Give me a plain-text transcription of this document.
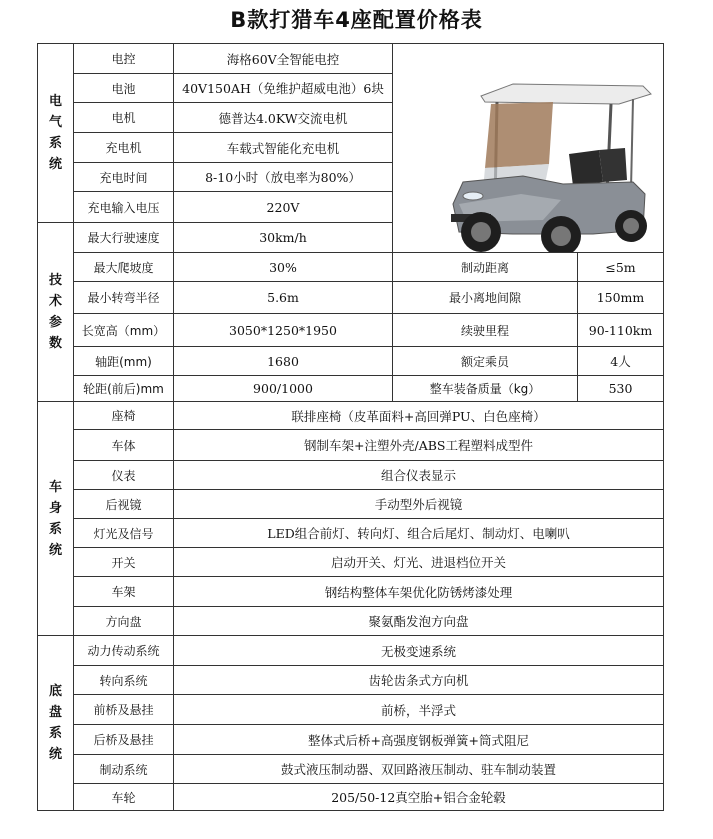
B款打猎车4座配置价格表
电气系统	电控	海格60V全智能电控	

	电池	40V150AH（免维护超威电池）6块		
	电机	德普达4.0KW交流电机		
	充电机	车载式智能化充电机		
	充电时间	8-10小时（放电率为80%）		
	充电输入电压	220V		
技术参数	最大行驶速度	30km/h		
	最大爬坡度	30%	制动距离	≤5m
	最小转弯半径	5.6m	最小离地间隙	150mm
	长宽高（mm）	3050*1250*1950	续驶里程	90-110km
	轴距(mm)	1680	额定乘员	4人
	轮距(前后)mm	900/1000	整车装备质量（kg）	530
车身系统	座椅	联排座椅（皮革面料+高回弹PU、白色座椅）		
	车体	钢制车架+注塑外壳/ABS工程塑料成型件		
	仪表	组合仪表显示		
	后视镜	手动型外后视镜		
	灯光及信号	LED组合前灯、转向灯、组合后尾灯、制动灯、电喇叭		
	开关	启动开关、灯光、进退档位开关		
	车架	钢结构整体车架优化防锈烤漆处理		
	方向盘	聚氨酯发泡方向盘		
底盘系统	动力传动系统	无极变速系统		
	转向系统	齿轮齿条式方向机		
	前桥及悬挂	前桥，半浮式		
	后桥及悬挂	整体式后桥+高强度钢板弹簧+筒式阻尼		
	制动系统	鼓式液压制动器、双回路液压制动、驻车制动装置		
	车轮	205/50-12真空胎+铝合金轮毂		
